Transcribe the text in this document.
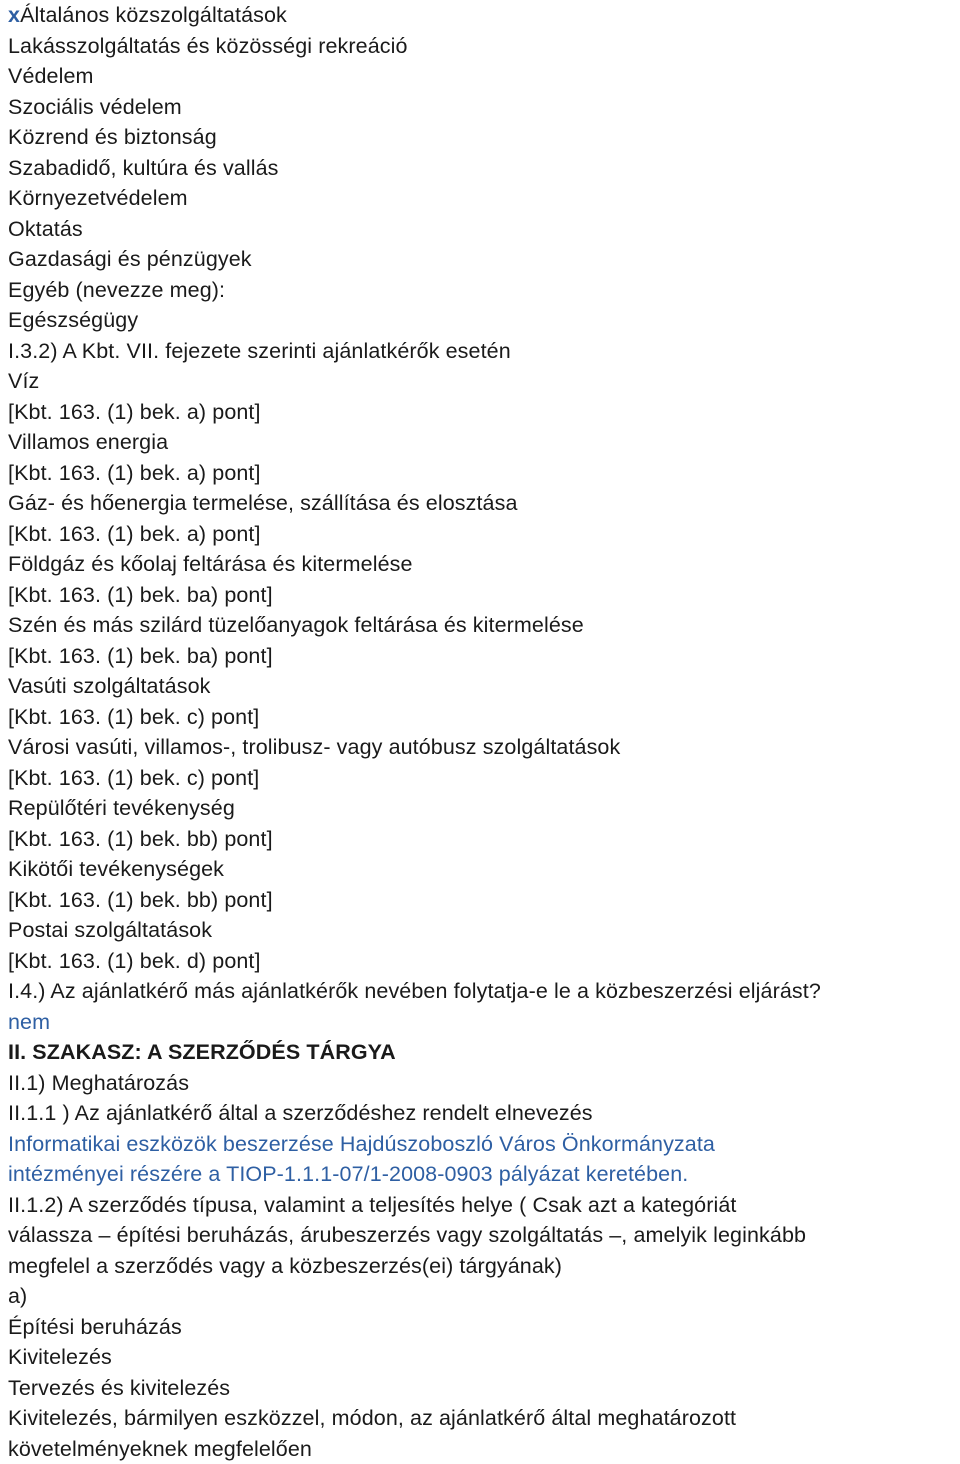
xÁltalános közszolgáltatások
Lakásszolgáltatás és közösségi rekreáció
Védelem
Szociális védelem
Közrend és biztonság
Szabadidő, kultúra és vallás
Környezetvédelem
Oktatás
Gazdasági és pénzügyek
Egyéb (nevezze meg):
Egészségügy
I.3.2) A Kbt. VII. fejezete szerinti ajánlatkérők esetén
Víz
[Kbt. 163. (1) bek. a) pont]
Villamos energia
[Kbt. 163. (1) bek. a) pont]
Gáz- és hőenergia termelése, szállítása és elosztása
[Kbt. 163. (1) bek. a) pont]
Földgáz és kőolaj feltárása és kitermelése
[Kbt. 163. (1) bek. ba) pont]
Szén és más szilárd tüzelőanyagok feltárása és kitermelése
[Kbt. 163. (1) bek. ba) pont]
Vasúti szolgáltatások
[Kbt. 163. (1) bek. c) pont]
Városi vasúti, villamos-, trolibusz- vagy autóbusz szolgáltatások
[Kbt. 163. (1) bek. c) pont]
Repülőtéri tevékenység
[Kbt. 163. (1) bek. bb) pont]
Kikötői tevékenységek
[Kbt. 163. (1) bek. bb) pont]
Postai szolgáltatások
[Kbt. 163. (1) bek. d) pont]
I.4.) Az ajánlatkérő más ajánlatkérők nevében folytatja-e le a közbeszerzési eljárást?
nem
II. SZAKASZ: A SZERZŐDÉS TÁRGYA
II.1) Meghatározás
II.1.1 ) Az ajánlatkérő által a szerződéshez rendelt elnevezés
Informatikai eszközök beszerzése Hajdúszoboszló Város Önkormányzata
intézményei részére a TIOP-1.1.1-07/1-2008-0903 pályázat keretében.
II.1.2) A szerződés típusa, valamint a teljesítés helye ( Csak azt a kategóriát
válassza – építési beruházás, árubeszerzés vagy szolgáltatás –, amelyik leginkább
megfelel a szerződés vagy a közbeszerzés(ei) tárgyának)
a)
Építési beruházás
Kivitelezés
Tervezés és kivitelezés
Kivitelezés, bármilyen eszközzel, módon, az ajánlatkérő által meghatározott
követelményeknek megfelelően
